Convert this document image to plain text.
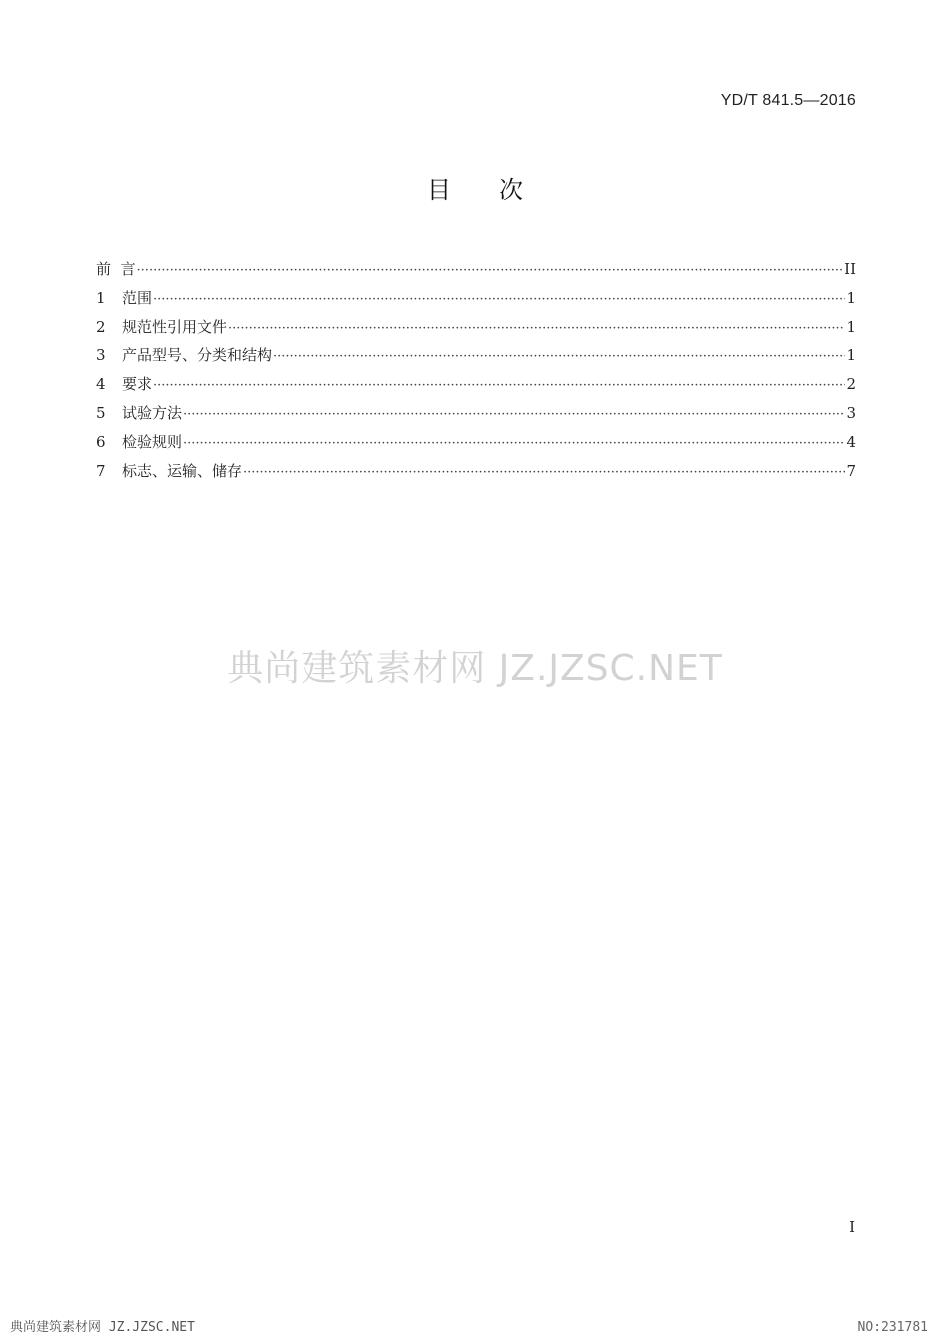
YD/T 841.5—2016
目次
前  言 ·····	II
1	范围 ·····	1
2	规范性引用文件 ·····	1
3	产品型号、分类和结构 ·····	1
4	要求 ·····	2
5	试验方法 ·····	3
6	检验规则 ·····	4
7	标志、运输、储存 ·····	7
典尚建筑素材网 JZ.JZSC.NET
I
典尚建筑素材网 JZ.JZSC.NET	NO:231781
